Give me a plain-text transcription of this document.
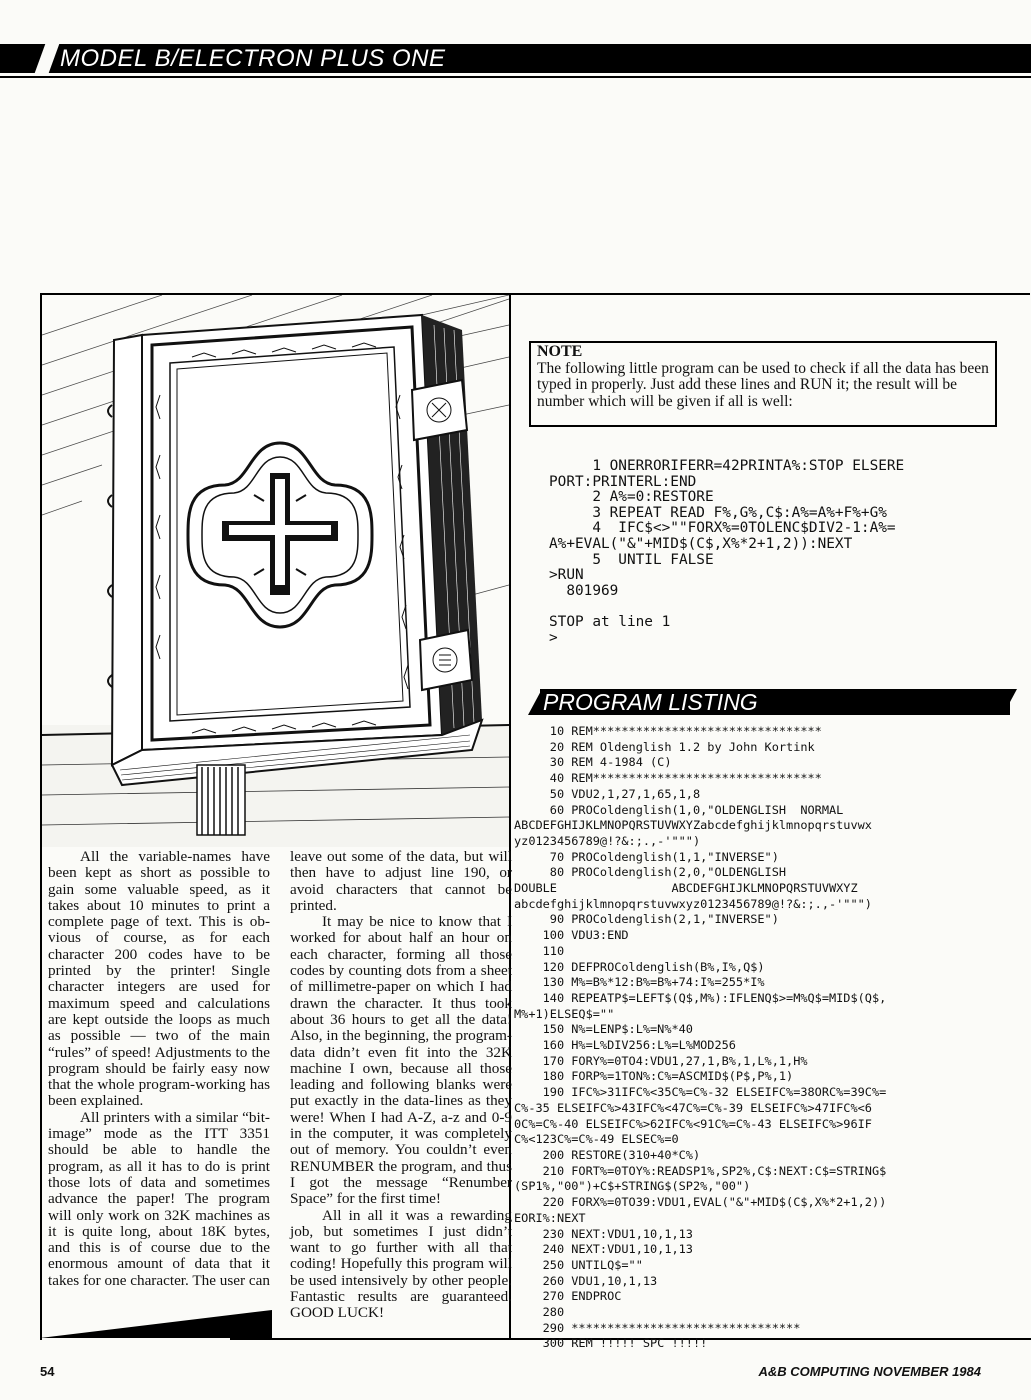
MODEL B/ELECTRON PLUS ONE

All the variable-names have been kept as short as possible to gain some valuable speed, as it takes about 10 minutes to print a complete page of text. This is obvious of course, as for each character 200 codes have to be printed by the printer! Single character integers are used for maximum speed and calculations are kept outside the loops as much as possible — two of the main “rules” of speed! Adjustments to the program should be fairly easy now that the whole program-working has been explained.

All printers with a similar “bit-image” mode as the ITT 3351 should be able to handle the program, as all it has to do is print those lots of data and sometimes advance the paper! The program will only work on 32K machines as it is quite long, about 18K bytes, and this is of course due to the enormous amount of data that it takes for one character. The user can

leave out some of the data, but will then have to adjust line 190, or avoid characters that cannot be printed.

It may be nice to know that I worked for about half an hour on each character, forming all those codes by counting dots from a sheet of millimetre-paper on which I had drawn the character. It thus took about 36 hours to get all the data! Also, in the beginning, the program-data didn’t even fit into the 32K machine I own, because all those leading and following blanks were put exactly in the data-lines as they were! When I had A-Z, a-z and 0-9 in the computer, it was completely out of memory. You couldn’t even RENUMBER the program, and thus I got the message “Renumber Space” for the first time!

All in all it was a rewarding job, but sometimes I just didn’t want to go further with all that coding! Hopefully this program will be used intensively by other people. Fantastic results are guaranteed. GOOD LUCK!

NOTE
The following little program can be used to check if all the data has been typed in properly. Just add these lines and RUN it; the result will be number which will be given if all is well:
1 ONERRORIFERR=42PRINTA%:STOP ELSERE
PORT:PRINTERL:END
2 A%=0:RESTORE
3 REPEAT READ F%,G%,C$:A%=A%+F%+G%
4  IFC$<>""FORX%=0TOLENC$DIV2-1:A%=
A%+EVAL("&"+MID$(C$,X%*2+1,2)):NEXT
5  UNTIL FALSE
>RUN
801969

STOP at line 1
>
PROGRAM LISTING
10 REM********************************
20 REM Oldenglish 1.2 by John Kortink
30 REM 4-1984 (C)
40 REM********************************
50 VDU2,1,27,1,65,1,8
60 PROColdenglish(1,0,"OLDENGLISH  NORMAL
ABCDEFGHIJKLMNOPQRSTUVWXYZabcdefghijklmnopqrstuvwx
yz0123456789@!?&:;.,-'""")
70 PROColdenglish(1,1,"INVERSE")
80 PROColdenglish(2,0,"OLDENGLISH
DOUBLE                ABCDEFGHIJKLMNOPQRSTUVWXYZ
abcdefghijklmnopqrstuvwxyz0123456789@!?&:;.,-'""")
90 PROColdenglish(2,1,"INVERSE")
100 VDU3:END
110
120 DEFPROColdenglish(B%,I%,Q$)
130 M%=B%*12:B%=B%+74:I%=255*I%
140 REPEATP$=LEFT$(Q$,M%):IFLENQ$>=M%Q$=MID$(Q$,
M%+1)ELSEQ$=""
150 N%=LENP$:L%=N%*40
160 H%=L%DIV256:L%=L%MOD256
170 FORY%=0TO4:VDU1,27,1,B%,1,L%,1,H%
180 FORP%=1TON%:C%=ASCMID$(P$,P%,1)
190 IFC%>31IFC%<35C%=C%-32 ELSEIFC%=38ORC%=39C%=
C%-35 ELSEIFC%>43IFC%<47C%=C%-39 ELSEIFC%>47IFC%<6
0C%=C%-40 ELSEIFC%>62IFC%<91C%=C%-43 ELSEIFC%>96IF
C%<123C%=C%-49 ELSEC%=0
200 RESTORE(310+40*C%)
210 FORT%=0TOY%:READSP1%,SP2%,C$:NEXT:C$=STRING$
(SP1%,"00")+C$+STRING$(SP2%,"00")
220 FORX%=0TO39:VDU1,EVAL("&"+MID$(C$,X%*2+1,2))
EORI%:NEXT
230 NEXT:VDU1,10,1,13
240 NEXT:VDU1,10,1,13
250 UNTILQ$=""
260 VDU1,10,1,13
270 ENDPROC
280
290 ********************************
300 REM !!!!! SPC !!!!!
54	A&B COMPUTING NOVEMBER 1984
